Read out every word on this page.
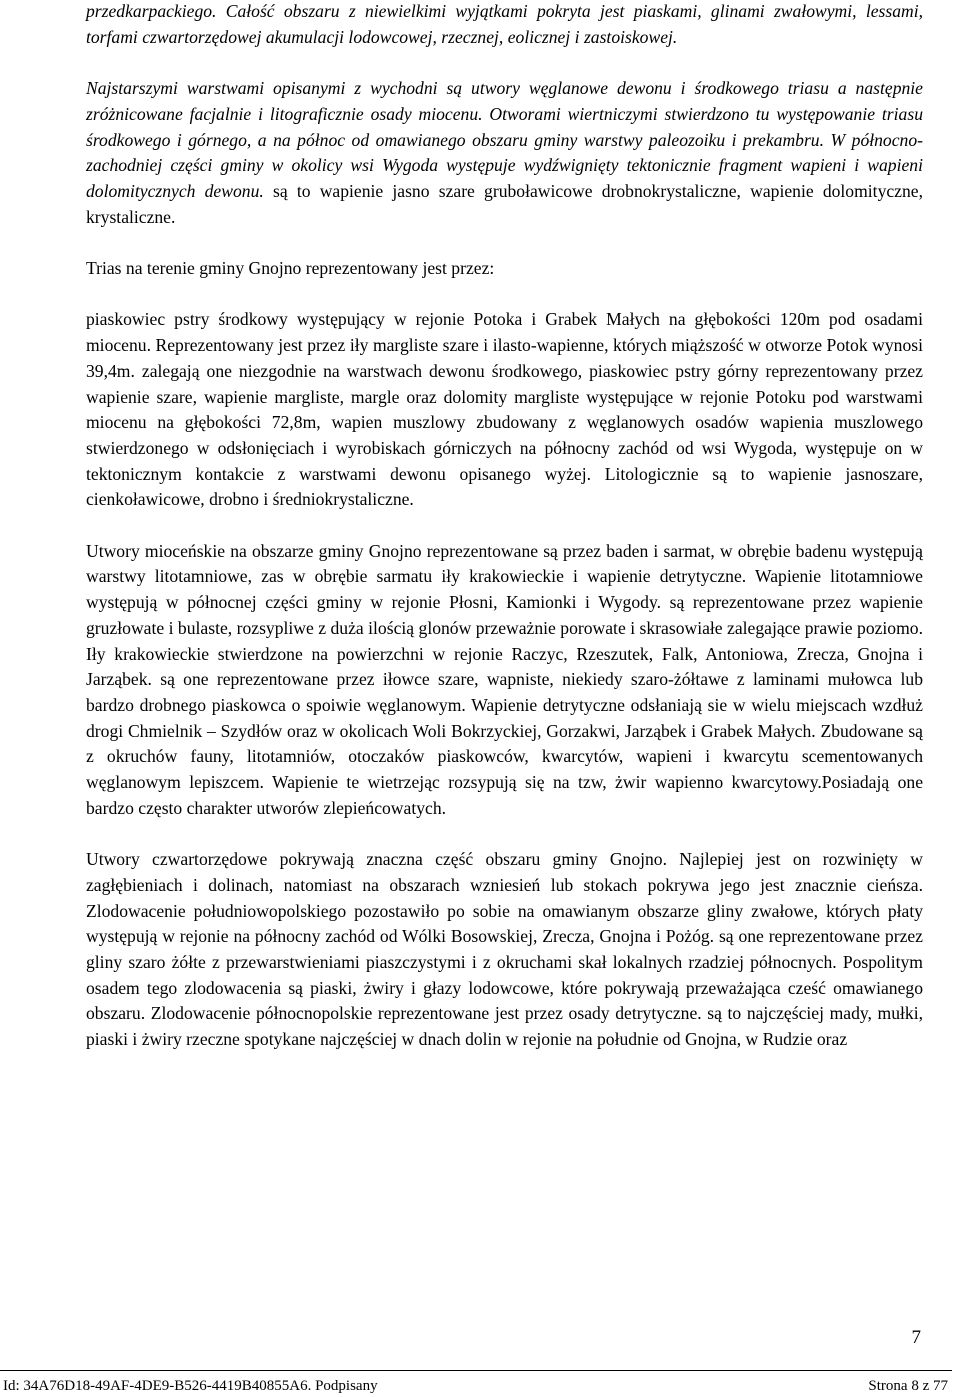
przedkarpackiego. Całość obszaru z niewielkimi wyjątkami pokryta jest piaskami, glinami zwałowymi, lessami, torfami czwartorzędowej akumulacji lodowcowej, rzecznej, eolicznej i zastoiskowej.

Najstarszymi warstwami opisanymi z wychodni są utwory węglanowe dewonu i środkowego triasu a następnie zróżnicowane facjalnie i litograficznie osady miocenu. Otworami wiertniczymi stwierdzono tu występowanie triasu środkowego i górnego, a na północ od omawianego obszaru gminy warstwy paleozoiku i prekambru. W północno-zachodniej części gminy w okolicy wsi Wygoda występuje wydźwignięty tektonicznie fragment wapieni i wapieni dolomitycznych dewonu. są to wapienie jasno szare gruboławicowe drobnokrystaliczne, wapienie dolomityczne, krystaliczne.

Trias na terenie gminy Gnojno reprezentowany jest przez:

piaskowiec pstry środkowy występujący w rejonie Potoka i Grabek Małych na głębokości 120m pod osadami miocenu. Reprezentowany jest przez iły margliste szare i ilasto-wapienne, których miąższość w otworze Potok wynosi 39,4m. zalegają one niezgodnie na warstwach dewonu środkowego, piaskowiec pstry górny reprezentowany przez wapienie szare, wapienie margliste, margle oraz dolomity margliste występujące w rejonie Potoku pod warstwami miocenu na głębokości 72,8m, wapien muszlowy zbudowany z węglanowych osadów wapienia muszlowego stwierdzonego w odsłonięciach i wyrobiskach górniczych na północny zachód od wsi Wygoda, występuje on w tektonicznym kontakcie z warstwami dewonu opisanego wyżej. Litologicznie są to wapienie jasnoszare, cienkoławicowe, drobno i średniokrystaliczne.

Utwory mioceńskie na obszarze gminy Gnojno reprezentowane są przez baden i sarmat, w obrębie badenu występują warstwy litotamniowe, zas w obrębie sarmatu iły krakowieckie i wapienie detrytyczne. Wapienie litotamniowe występują w północnej części gminy w rejonie Płosni, Kamionki i Wygody. są reprezentowane przez wapienie gruzłowate i bulaste, rozsypliwe z duża ilością glonów przeważnie porowate i skrasowiałe zalegające prawie poziomo. Iły krakowieckie stwierdzone na powierzchni w rejonie Raczyc, Rzeszutek, Falk, Antoniowa, Zrecza, Gnojna i Jarząbek. są one reprezentowane przez iłowce szare, wapniste, niekiedy szaro-żółtawe z laminami mułowca lub bardzo drobnego piaskowca o spoiwie węglanowym. Wapienie detrytyczne odsłaniają sie w wielu miejscach wzdłuż drogi Chmielnik – Szydłów oraz w okolicach Woli Bokrzyckiej, Gorzakwi, Jarząbek i Grabek Małych. Zbudowane są z okruchów fauny, litotamniów, otoczaków piaskowców, kwarcytów, wapieni i kwarcytu scementowanych węglanowym lepiszcem. Wapienie te wietrzejąc rozsypują się na tzw, żwir wapienno kwarcytowy.Posiadają one bardzo często charakter utworów zlepieńcowatych.

Utwory czwartorzędowe pokrywają znaczna część obszaru gminy Gnojno. Najlepiej jest on rozwinięty w zagłębieniach i dolinach, natomiast na obszarach wzniesień lub stokach pokrywa jego jest znacznie cieńsza. Zlodowacenie południowopolskiego pozostawiło po sobie na omawianym obszarze gliny zwałowe, których płaty występują w rejonie na północny zachód od Wólki Bosowskiej, Zrecza, Gnojna i Pożóg. są one reprezentowane przez gliny szaro żółte z przewarstwieniami piaszczystymi i z okruchami skał lokalnych rzadziej północnych. Pospolitym osadem tego zlodowacenia są piaski, żwiry i głazy lodowcowe, które pokrywają przeważająca cześć omawianego obszaru. Zlodowacenie północnopolskie reprezentowane jest przez osady detrytyczne. są to najczęściej mady, mułki, piaski i żwiry rzeczne spotykane najczęściej w dnach dolin w rejonie na południe od Gnojna, w Rudzie oraz

7
Id: 34A76D18-49AF-4DE9-B526-4419B40855A6. Podpisany	Strona 8 z 77
